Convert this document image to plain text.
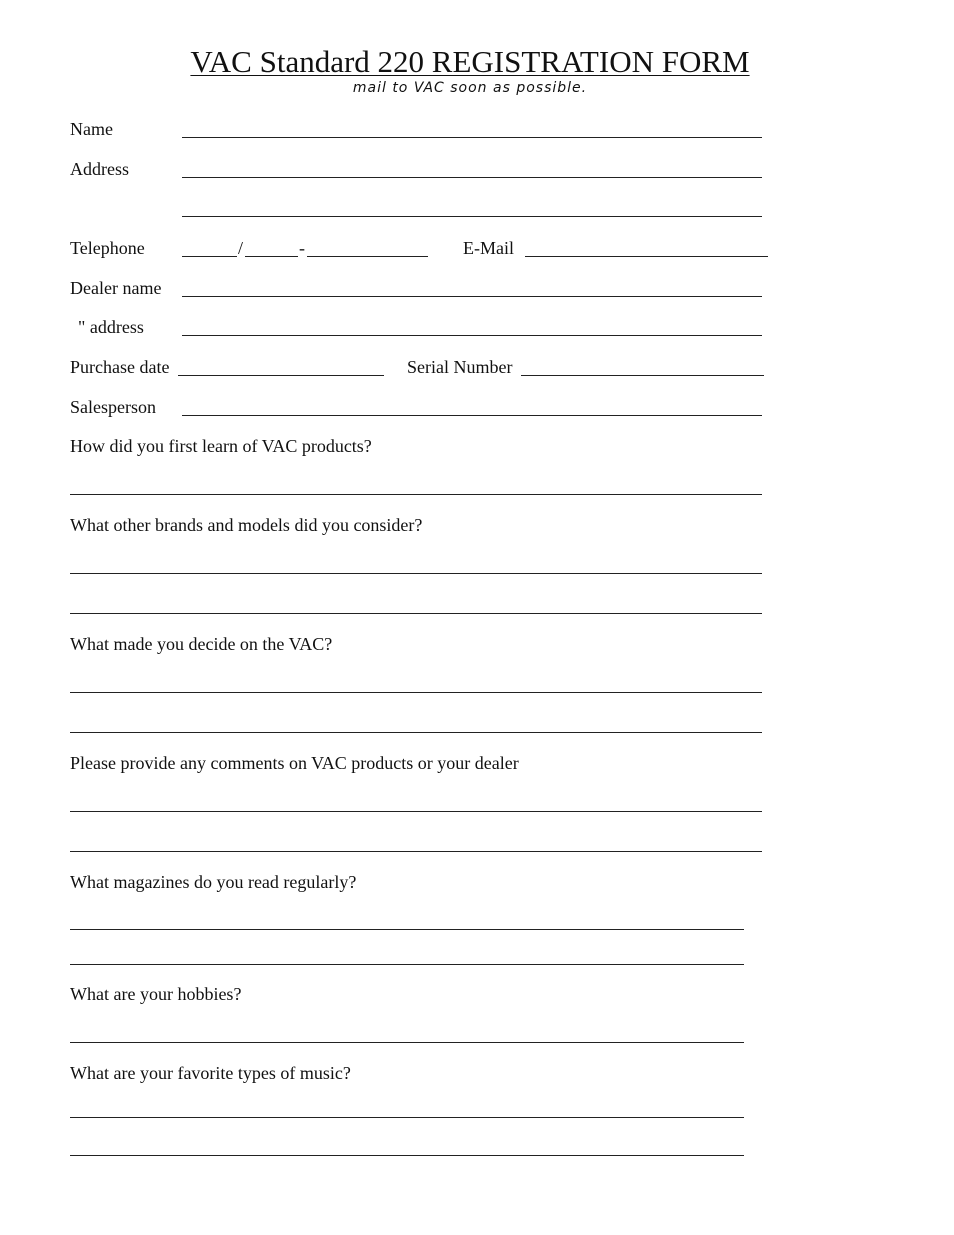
VAC Standard 220 REGISTRATION FORM
mail to VAC soon as possible.
Name
Address
Telephone	/	-	E-Mail
Dealer name
" address
Purchase date	Serial Number
Salesperson
How did you first learn of VAC products?
What other brands and models did you consider?
What made you decide on the VAC?
Please provide any comments on VAC products or your dealer
What magazines do you read regularly?
What are your hobbies?
What are your favorite types of music?
